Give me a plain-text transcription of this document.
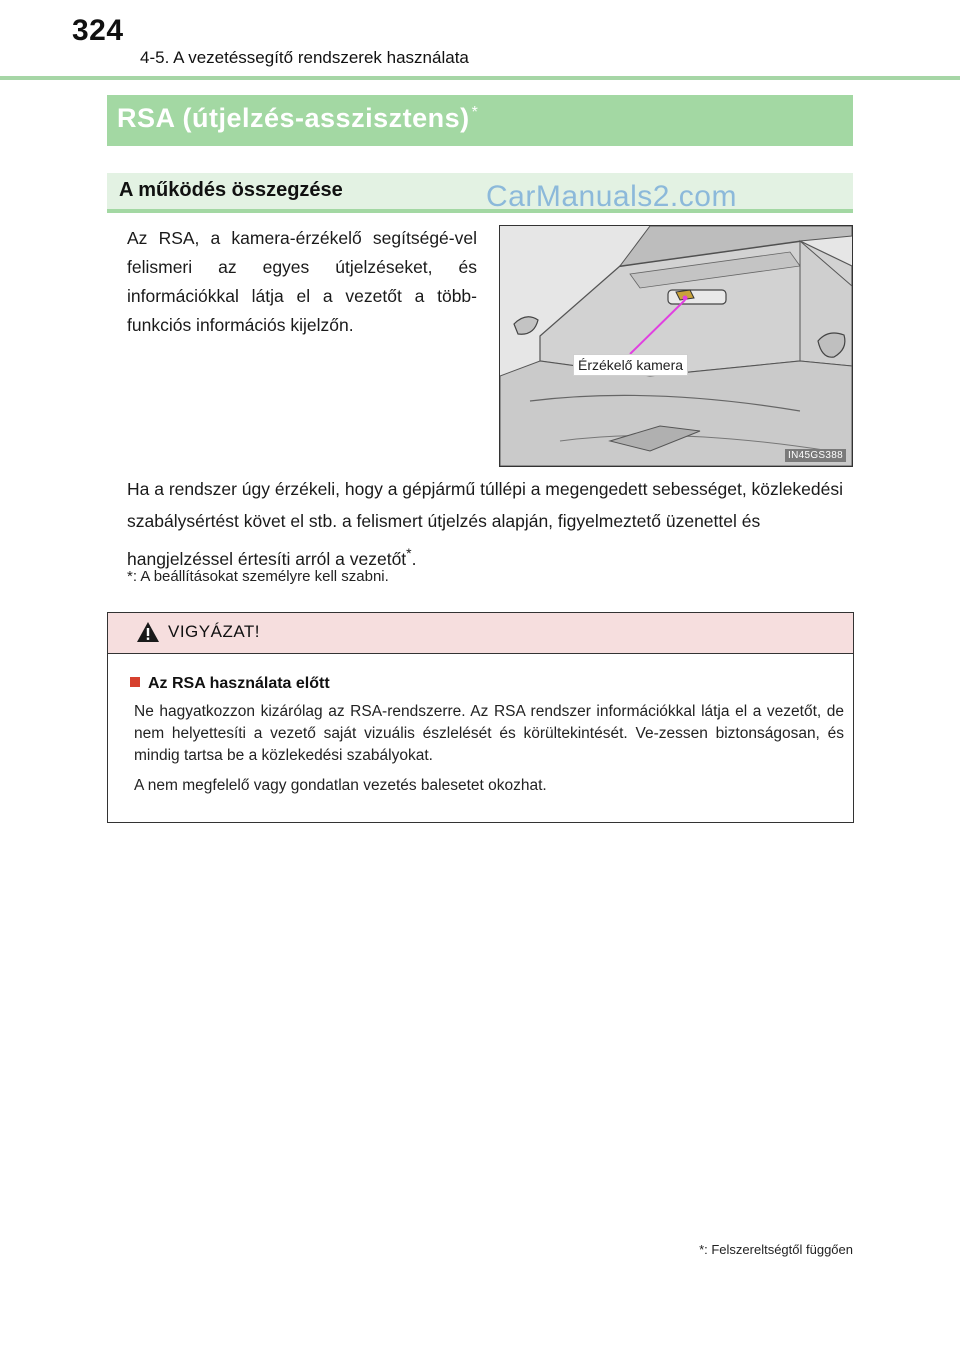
324
4-5. A vezetéssegítő rendszerek használata
RSA (útjelzés-asszisztens) *
A működés összegzése	CarManuals2.com
Az RSA, a kamera-érzékelő segítségé-vel felismeri az egyes útjelzéseket, és információkkal látja el a vezetőt a több-funkciós információs kijelzőn.
Érzékelő kamera
IN45GS388
Ha a rendszer úgy érzékeli, hogy a gépjármű túllépi a megengedett sebességet, közlekedési szabálysértést követ el stb. a felismert útjelzés alapján, figyelmeztető üzenettel és hangjelzéssel értesíti arról a vezetőt*.
*: A beállításokat személyre kell szabni.
VIGYÁZAT!
Az RSA használata előtt
Ne hagyatkozzon kizárólag az RSA-rendszerre. Az RSA rendszer információkkal látja el a vezetőt, de nem helyettesíti a vezető saját vizuális észlelését és körültekintését. Ve-zessen biztonságosan, és mindig tartsa be a közlekedési szabályokat.
A nem megfelelő vagy gondatlan vezetés balesetet okozhat.
*: Felszereltségtől függően
